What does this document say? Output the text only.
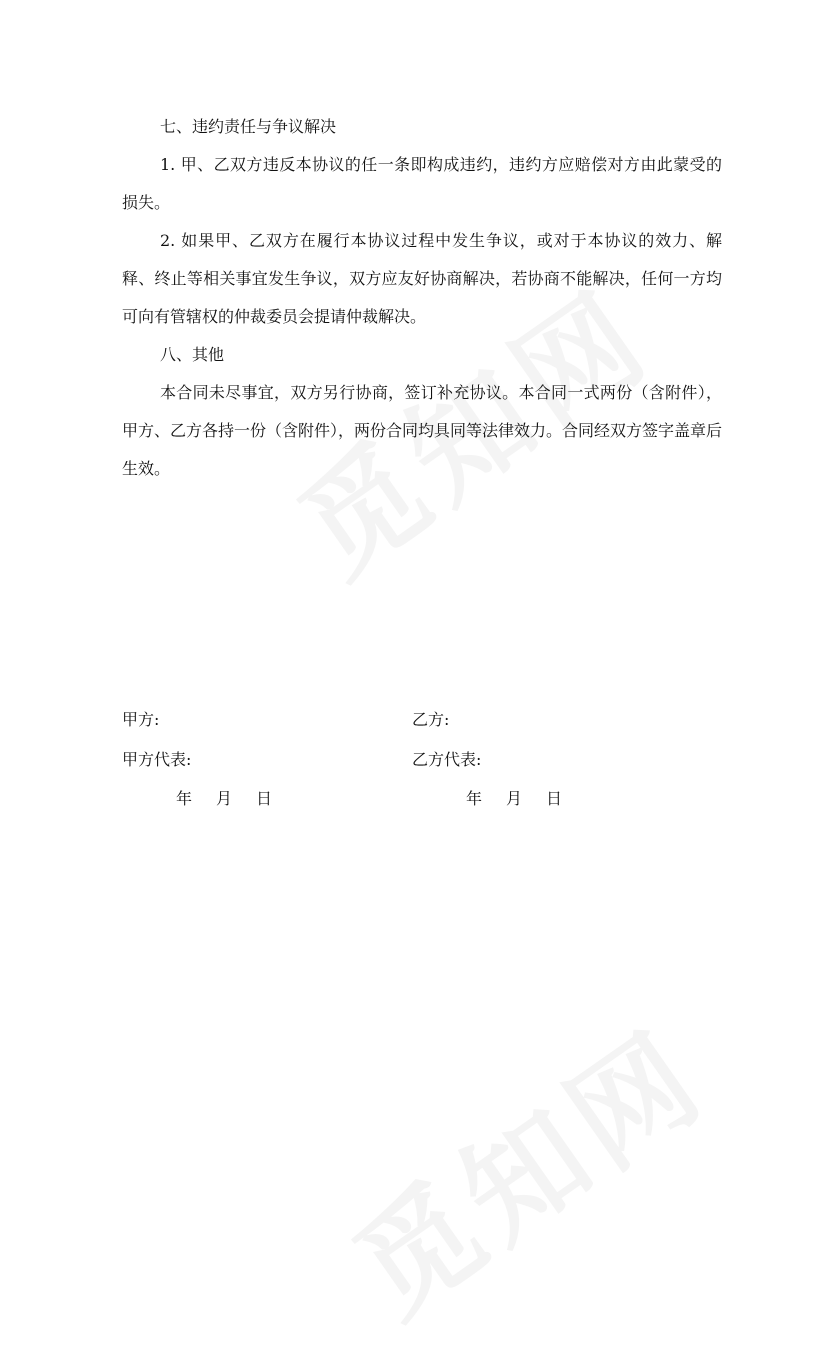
七、违约责任与争议解决

1. 甲、乙双方违反本协议的任一条即构成违约，违约方应赔偿对方由此蒙受的损失。

2. 如果甲、乙双方在履行本协议过程中发生争议，或对于本协议的效力、解释、终止等相关事宜发生争议，双方应友好协商解决，若协商不能解决，任何一方均可向有管辖权的仲裁委员会提请仲裁解决。

八、其他

本合同未尽事宜，双方另行协商，签订补充协议。本合同一式两份（含附件），甲方、乙方各持一份（含附件），两份合同均具同等法律效力。合同经双方签字盖章后生效。

甲方:	乙方:
甲方代表:	乙方代表:
年 月 日	年 月 日
